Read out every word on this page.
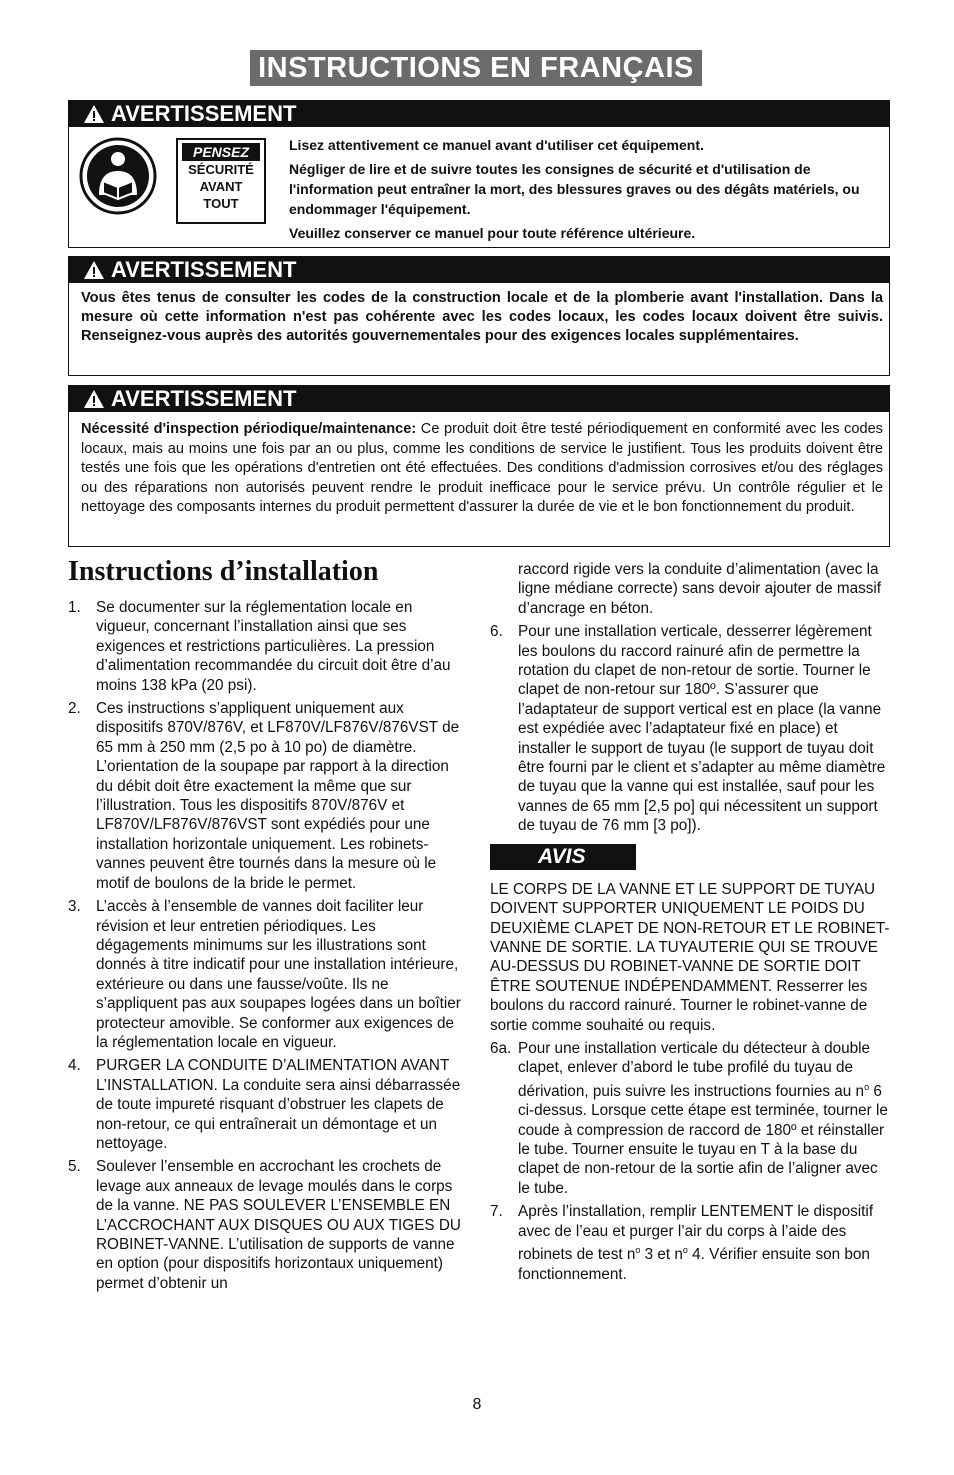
INSTRUCTIONS EN FRANÇAIS
AVERTISSEMENT
PENSEZ
SÉCURITÉ
AVANT
TOUT

Lisez attentivement ce manuel avant d'utiliser cet équipement.

Négliger de lire et de suivre toutes les consignes de sécurité et d'utilisation de l'information peut entraîner la mort, des blessures graves ou des dégâts matériels, ou endommager l'équipement.

Veuillez conserver ce manuel pour toute référence ultérieure.

AVERTISSEMENT
Vous êtes tenus de consulter les codes de la construction locale et de la plomberie avant l'installation. Dans la mesure où cette information n'est pas cohérente avec les codes locaux, les codes locaux doivent être suivis. Renseignez-vous auprès des autorités gouvernementales pour des exigences locales supplémentaires.
AVERTISSEMENT
Nécessité d'inspection périodique/maintenance: Ce produit doit être testé périodiquement en conformité avec les codes locaux, mais au moins une fois par an ou plus, comme les conditions de service le justifient. Tous les produits doivent être testés une fois que les opérations d'entretien ont été effectuées. Des conditions d'admission corrosives et/ou des réglages ou des réparations non autorisés peuvent rendre le produit inefficace pour le service prévu. Un contrôle régulier et le nettoyage des composants internes du produit permettent d'assurer la durée de vie et le bon fonctionnement du produit.
Instructions d’installation
1. Se documenter sur la réglementation locale en vigueur, concernant l’installation ainsi que ses exigences et restrictions particulières. La pression d’alimentation recommandée du circuit doit être d’au moins 138 kPa (20 psi).
2. Ces instructions s’appliquent uniquement aux dispositifs 870V/876V, et LF870V/LF876V/876VST de 65 mm à 250 mm (2,5 po à 10 po) de diamètre. L’orientation de la soupape par rapport à la direction du débit doit être exactement la même que sur l’illustration. Tous les dispositifs 870V/876V et LF870V/LF876V/876VST sont expédiés pour une installation horizontale uniquement. Les robinets-vannes peuvent être tournés dans la mesure où le motif de boulons de la bride le permet.
3. L’accès à l’ensemble de vannes doit faciliter leur révision et leur entretien périodiques. Les dégagements minimums sur les illustrations sont donnés à titre indicatif pour une installation intérieure, extérieure ou dans une fausse/voûte. Ils ne s’appliquent pas aux soupapes logées dans un boîtier protecteur amovible. Se conformer aux exigences de la réglementation locale en vigueur.
4. PURGER LA CONDUITE D’ALIMENTATION AVANT L’INSTALLATION. La conduite sera ainsi débarrassée de toute impureté risquant d’obstruer les clapets de non-retour, ce qui entraînerait un démontage et un nettoyage.
5. Soulever l’ensemble en accrochant les crochets de levage aux anneaux de levage moulés dans le corps de la vanne. NE PAS SOULEVER L’ENSEMBLE EN L’ACCROCHANT AUX DISQUES OU AUX TIGES DU ROBINET-VANNE. L’utilisation de supports de vanne en option (pour dispositifs horizontaux uniquement) permet d’obtenir un
raccord rigide vers la conduite d’alimentation (avec la ligne médiane correcte) sans devoir ajouter de massif d’ancrage en béton.
6. Pour une installation verticale, desserrer légèrement les boulons du raccord rainuré afin de permettre la rotation du clapet de non-retour de sortie. Tourner le clapet de non-retour sur 180º. S’assurer que l’adaptateur de support vertical est en place (la vanne est expédiée avec l’adaptateur fixé en place) et installer le support de tuyau (le support de tuyau doit être fourni par le client et s’adapter au même diamètre de tuyau que la vanne qui est installée, sauf pour les vannes de 65 mm [2,5 po] qui nécessitent un support de tuyau de 76 mm [3 po]).
AVIS
LE CORPS DE LA VANNE ET LE SUPPORT DE TUYAU DOIVENT SUPPORTER UNIQUEMENT LE POIDS DU DEUXIÈME CLAPET DE NON-RETOUR ET LE ROBINET-VANNE DE SORTIE. LA TUYAUTERIE QUI SE TROUVE AU-DESSUS DU ROBINET-VANNE DE SORTIE DOIT ÊTRE SOUTENUE INDÉPENDAMMENT. Resserrer les boulons du raccord rainuré. Tourner le robinet-vanne de sortie comme souhaité ou requis.
6a. Pour une installation verticale du détecteur à double clapet, enlever d’abord le tube profilé du tuyau de dérivation, puis suivre les instructions fournies au $n^o$ 6 ci-dessus. Lorsque cette étape est terminée, tourner le coude à compression de raccord de 180º et réinstaller le tube. Tourner ensuite le tuyau en T à la base du clapet de non-retour de la sortie afin de l’aligner avec le tube.
7. Après l’installation, remplir LENTEMENT le dispositif avec de l’eau et purger l’air du corps à l’aide des robinets de test $n^o$ 3 et $n^o$ 4. Vérifier ensuite son bon fonctionnement.
8
